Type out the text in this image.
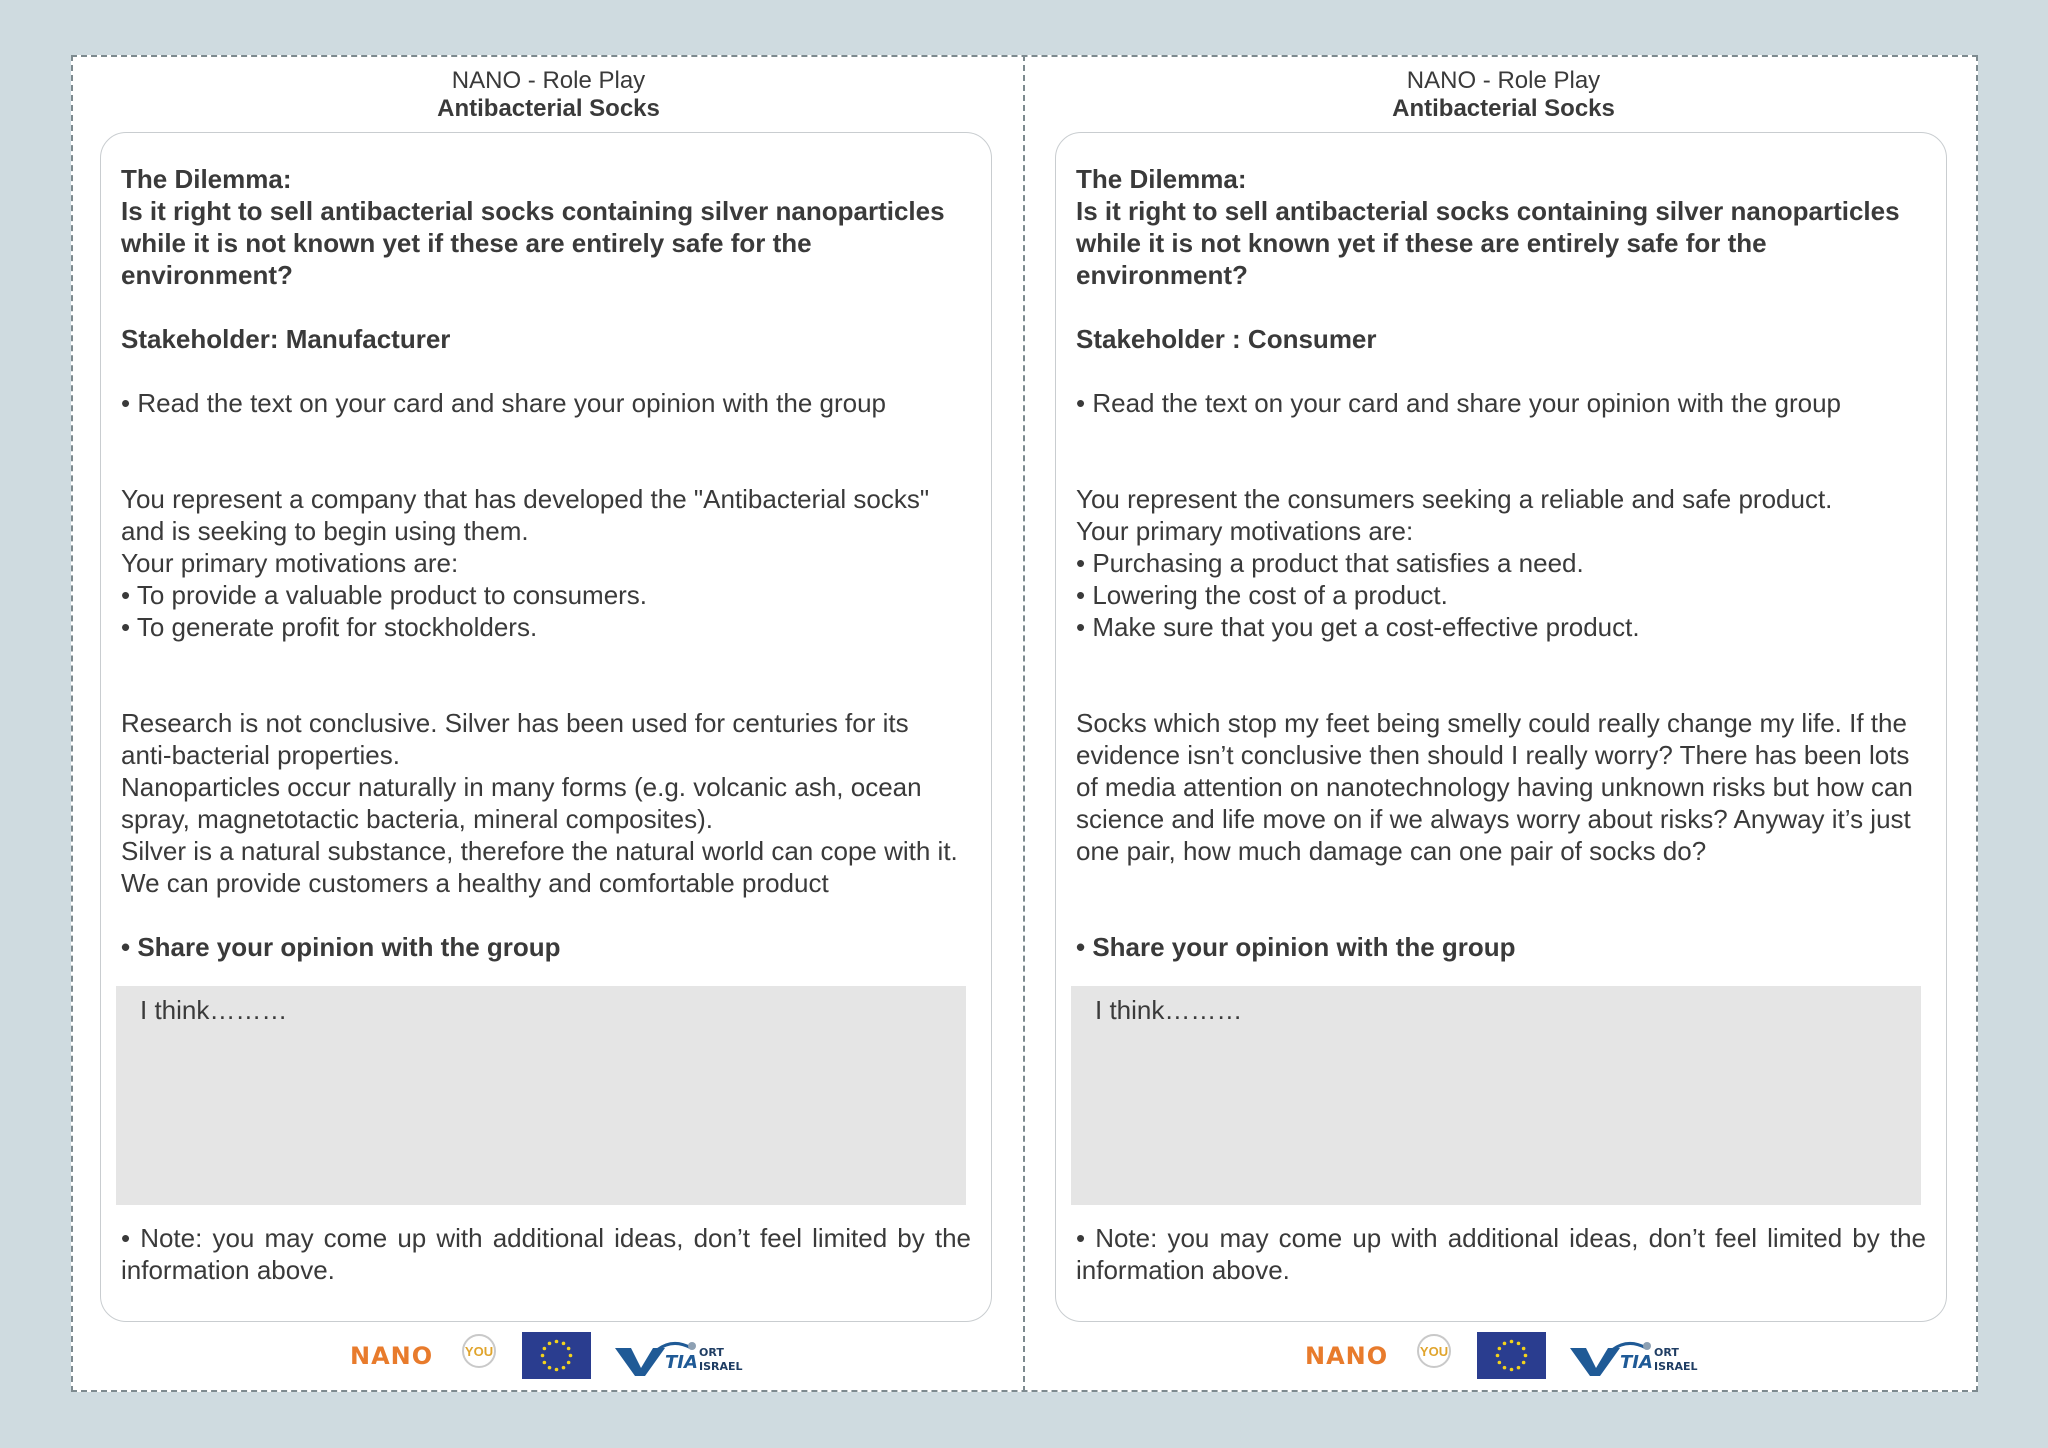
NANO - Role Play
Antibacterial Socks

The Dilemma:

Is it right to sell antibacterial socks containing silver nanoparticles

while it is not known yet if these are entirely safe for the

environment?

Stakeholder: Manufacturer

• Read the text on your card and share your opinion with the group

You represent a company that has developed the "Antibacterial socks"

and is seeking to begin using them.

Your primary motivations are:

• To provide a valuable product to consumers.

• To generate profit for stockholders.

Research is not conclusive. Silver has been used for centuries for its

anti-bacterial properties.

Nanoparticles occur naturally in many forms (e.g. volcanic ash, ocean

spray, magnetotactic bacteria, mineral composites).

Silver is a natural substance, therefore the natural world can cope with it.

We can provide customers a healthy and comfortable product

• Share your opinion with the group

I think………
• Note: you may come up with additional ideas, don’t feel limited by the information above.
NANO YOU
TIA ORT
ISRAEL
NANO - Role Play
Antibacterial Socks

The Dilemma:

Is it right to sell antibacterial socks containing silver nanoparticles

while it is not known yet if these are entirely safe for the

environment?

Stakeholder : Consumer

• Read the text on your card and share your opinion with the group

You represent the consumers seeking a reliable and safe product.

Your primary motivations are:

• Purchasing a product that satisfies a need.

• Lowering the cost of a product.

• Make sure that you get a cost-effective product.

Socks which stop my feet being smelly could really change my life. If the

evidence isn’t conclusive then should I really worry? There has been lots

of media attention on nanotechnology having unknown risks but how can

science and life move on if we always worry about risks? Anyway it’s just

one pair, how much damage can one pair of socks do?

• Share your opinion with the group

I think………
• Note: you may come up with additional ideas, don’t feel limited by the information above.
NANO YOU
TIA ORT
ISRAEL
